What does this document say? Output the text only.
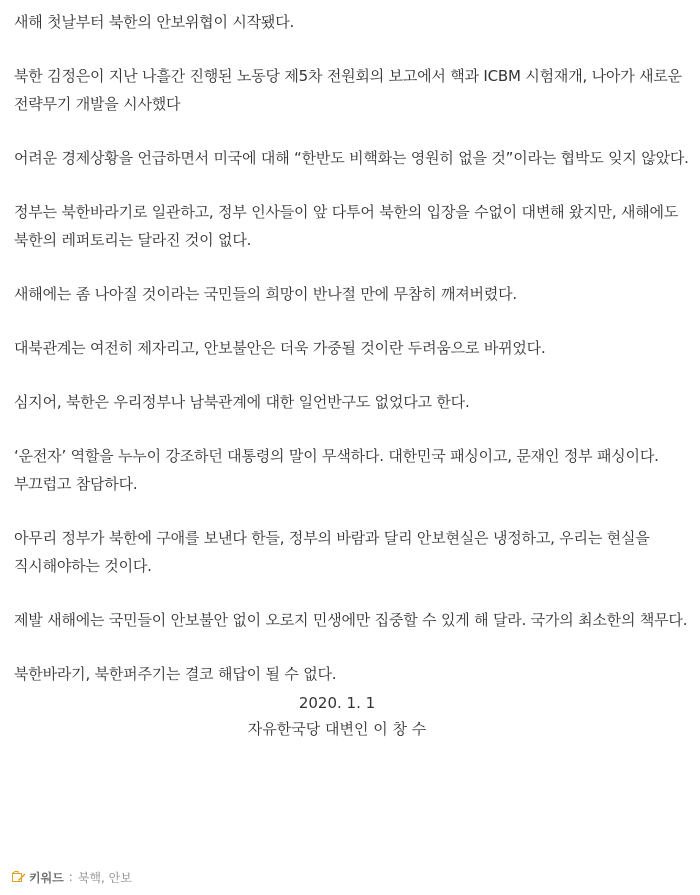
새해 첫날부터 북한의 안보위협이 시작됐다.

북한 김정은이 지난 나흘간 진행된 노동당 제5차 전원회의 보고에서 핵과 ICBM 시험재개, 나아가 새로운 전략무기 개발을 시사했다

어려운 경제상황을 언급하면서 미국에 대해 “한반도 비핵화는 영원히 없을 것”이라는 협박도 잊지 않았다.

정부는 북한바라기로 일관하고, 정부 인사들이 앞 다투어 북한의 입장을 수없이 대변해 왔지만, 새해에도 북한의 레퍼토리는 달라진 것이 없다.

새해에는 좀 나아질 것이라는 국민들의 희망이 반나절 만에 무참히 깨져버렸다.

대북관계는 여전히 제자리고, 안보불안은 더욱 가중될 것이란 두려움으로 바뀌었다.

심지어, 북한은 우리정부나 남북관계에 대한 일언반구도 없었다고 한다.

‘운전자’ 역할을 누누이 강조하던 대통령의 말이 무색하다. 대한민국 패싱이고, 문재인 정부 패싱이다. 부끄럽고 참담하다.

아무리 정부가 북한에 구애를 보낸다 한들, 정부의 바람과 달리 안보현실은 냉정하고, 우리는 현실을 직시해야하는 것이다.

제발 새해에는 국민들이 안보불안 없이 오로지 민생에만 집중할 수 있게 해 달라. 국가의 최소한의 책무다.

북한바라기, 북한퍼주기는 결코 해답이 될 수 없다.

2020. 1. 1
자유한국당 대변인 이 창 수
키워드 : 북핵, 안보
